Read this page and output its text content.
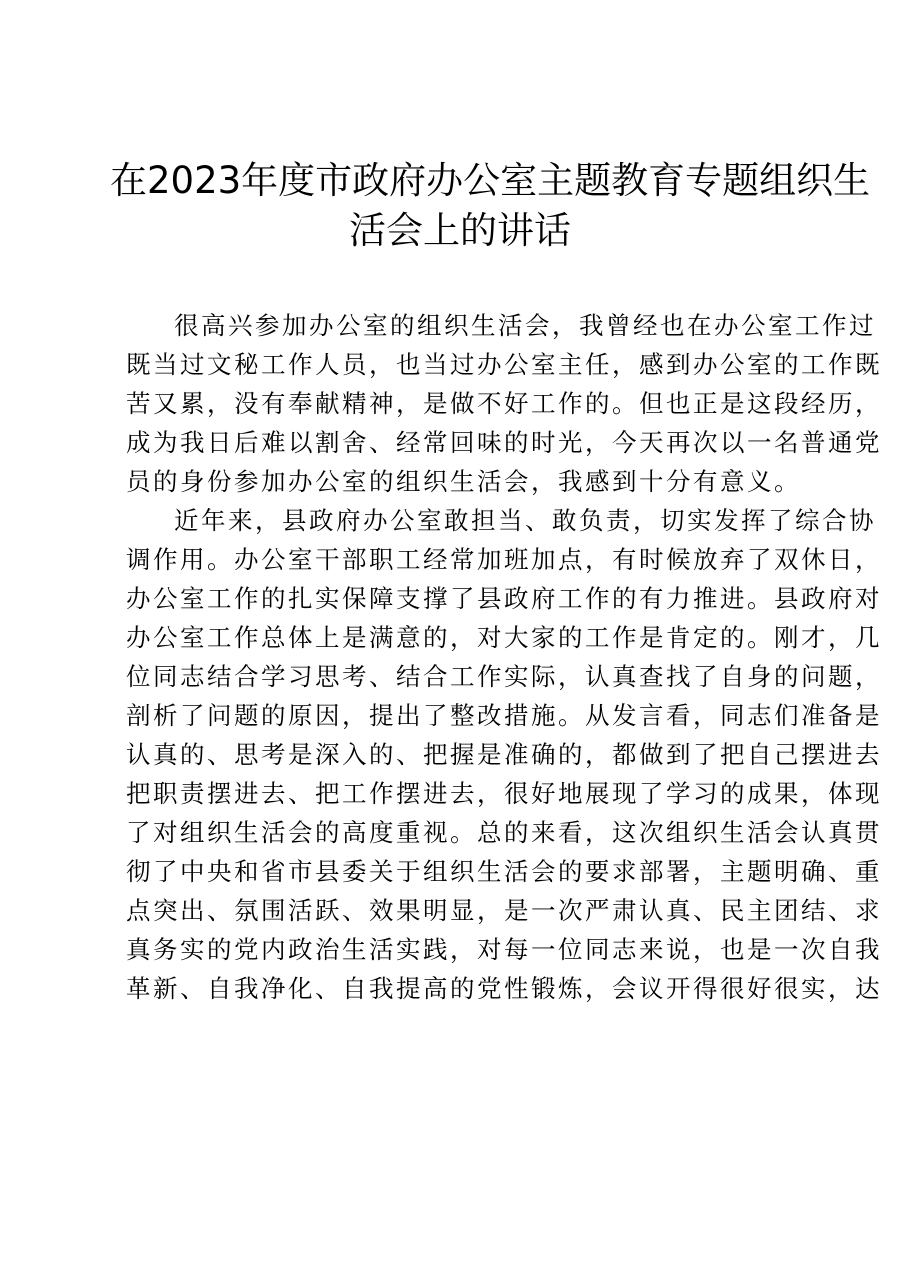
在2023年度市政府办公室主题教育专题组织生
活会上的讲话
很高兴参加办公室的组织生活会，我曾经也在办公室工作过
既当过文秘工作人员，也当过办公室主任，感到办公室的工作既
苦又累，没有奉献精神，是做不好工作的。但也正是这段经历，
成为我日后难以割舍、经常回味的时光，今天再次以一名普通党
员的身份参加办公室的组织生活会，我感到十分有意义。
近年来，县政府办公室敢担当、敢负责，切实发挥了综合协
调作用。办公室干部职工经常加班加点，有时候放弃了双休日，
办公室工作的扎实保障支撑了县政府工作的有力推进。县政府对
办公室工作总体上是满意的，对大家的工作是肯定的。刚才，几
位同志结合学习思考、结合工作实际，认真查找了自身的问题，
剖析了问题的原因，提出了整改措施。从发言看，同志们准备是
认真的、思考是深入的、把握是准确的，都做到了把自己摆进去
把职责摆进去、把工作摆进去，很好地展现了学习的成果，体现
了对组织生活会的高度重视。总的来看，这次组织生活会认真贯
彻了中央和省市县委关于组织生活会的要求部署，主题明确、重
点突出、氛围活跃、效果明显，是一次严肃认真、民主团结、求
真务实的党内政治生活实践，对每一位同志来说，也是一次自我
革新、自我净化、自我提高的党性锻炼，会议开得很好很实，达
